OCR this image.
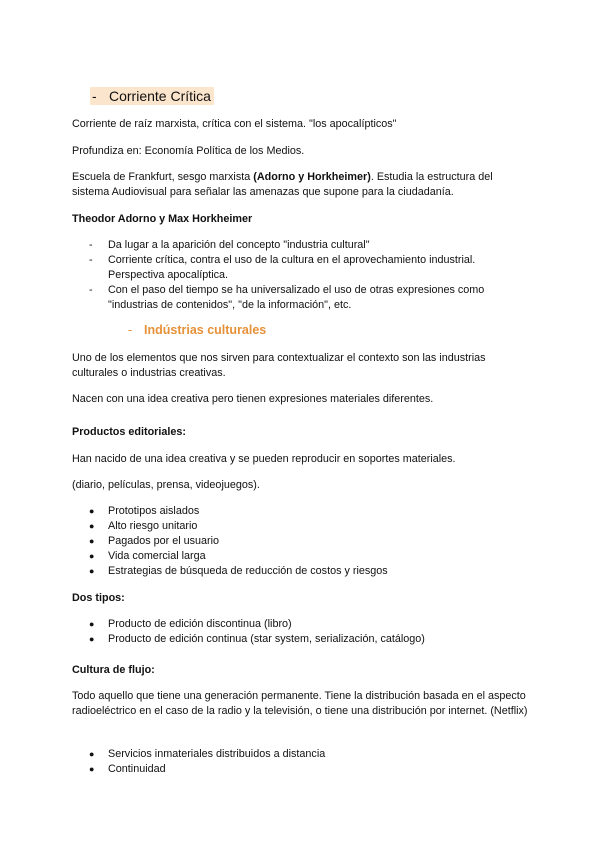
- Corriente Crítica
Corriente de raíz marxista, crítica con el sistema. "los apocalípticos"
Profundiza en: Economía Política de los Medios.
Escuela de Frankfurt, sesgo marxista (Adorno y Horkheimer). Estudia la estructura del sistema Audiovisual para señalar las amenazas que supone para la ciudadanía.
Theodor Adorno y Max Horkheimer
- Da lugar a la aparición del concepto "industria cultural"
- Corriente crítica, contra el uso de la cultura en el aprovechamiento industrial. Perspectiva apocalíptica.
- Con el paso del tiempo se ha universalizado el uso de otras expresiones como "industrias de contenidos", "de la información", etc.
- Indústrias culturales
Uno de los elementos que nos sirven para contextualizar el contexto son las industrias culturales o industrias creativas.
Nacen con una idea creativa pero tienen expresiones materiales diferentes.
Productos editoriales:
Han nacido de una idea creativa y se pueden reproducir en soportes materiales.
(diario, películas, prensa, videojuegos).
● Prototipos aislados
● Alto riesgo unitario
● Pagados por el usuario
● Vida comercial larga
● Estrategias de búsqueda de reducción de costos y riesgos
Dos tipos:
● Producto de edición discontinua (libro)
● Producto de edición continua (star system, serialización, catálogo)
Cultura de flujo:
Todo aquello que tiene una generación permanente. Tiene la distribución basada en el aspecto radioeléctrico en el caso de la radio y la televisión, o tiene una distribución por internet. (Netflix)
● Servicios inmateriales distribuidos a distancia
● Continuidad
